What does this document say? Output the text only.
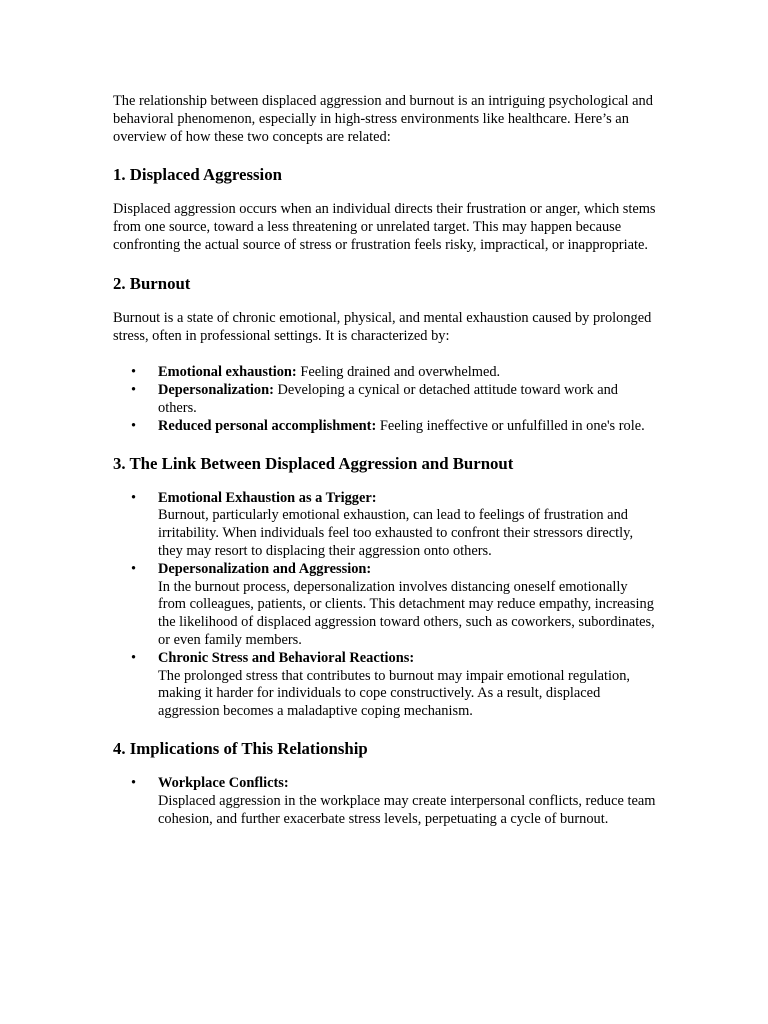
The relationship between displaced aggression and burnout is an intriguing psychological and behavioral phenomenon, especially in high-stress environments like healthcare. Here’s an overview of how these two concepts are related:

1. Displaced Aggression

Displaced aggression occurs when an individual directs their frustration or anger, which stems from one source, toward a less threatening or unrelated target. This may happen because confronting the actual source of stress or frustration feels risky, impractical, or inappropriate.

2. Burnout

Burnout is a state of chronic emotional, physical, and mental exhaustion caused by prolonged stress, often in professional settings. It is characterized by:

• Emotional exhaustion: Feeling drained and overwhelmed.
• Depersonalization: Developing a cynical or detached attitude toward work and others.
• Reduced personal accomplishment: Feeling ineffective or unfulfilled in one's role.
3. The Link Between Displaced Aggression and Burnout
• Emotional Exhaustion as a Trigger:
Burnout, particularly emotional exhaustion, can lead to feelings of frustration and irritability. When individuals feel too exhausted to confront their stressors directly, they may resort to displacing their aggression onto others.
• Depersonalization and Aggression:
In the burnout process, depersonalization involves distancing oneself emotionally from colleagues, patients, or clients. This detachment may reduce empathy, increasing the likelihood of displaced aggression toward others, such as coworkers, subordinates, or even family members.
• Chronic Stress and Behavioral Reactions:
The prolonged stress that contributes to burnout may impair emotional regulation, making it harder for individuals to cope constructively. As a result, displaced aggression becomes a maladaptive coping mechanism.
4. Implications of This Relationship
• Workplace Conflicts:
Displaced aggression in the workplace may create interpersonal conflicts, reduce team cohesion, and further exacerbate stress levels, perpetuating a cycle of burnout.
